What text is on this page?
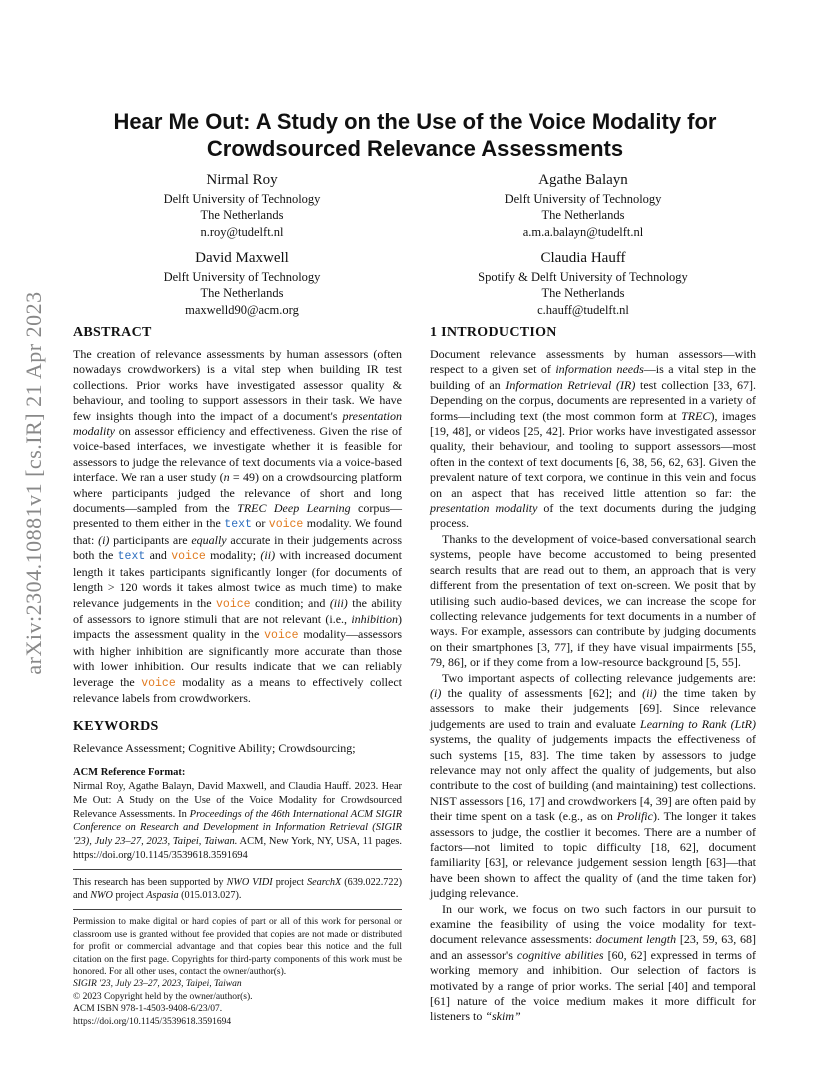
arXiv:2304.10881v1 [cs.IR] 21 Apr 2023
Hear Me Out: A Study on the Use of the Voice Modality for Crowdsourced Relevance Assessments
Nirmal Roy
Delft University of Technology
The Netherlands
n.roy@tudelft.nl
Agathe Balayn
Delft University of Technology
The Netherlands
a.m.a.balayn@tudelft.nl
David Maxwell
Delft University of Technology
The Netherlands
maxwelld90@acm.org
Claudia Hauff
Spotify & Delft University of Technology
The Netherlands
c.hauff@tudelft.nl
ABSTRACT

The creation of relevance assessments by human assessors (often nowadays crowdworkers) is a vital step when building IR test collections. Prior works have investigated assessor quality & behaviour, and tooling to support assessors in their task. We have few insights though into the impact of a document's presentation modality on assessor efficiency and effectiveness. Given the rise of voice-based interfaces, we investigate whether it is feasible for assessors to judge the relevance of text documents via a voice-based interface. We ran a user study (n = 49) on a crowdsourcing platform where participants judged the relevance of short and long documents—sampled from the TREC Deep Learning corpus—presented to them either in the text or voice modality. We found that: (i) participants are equally accurate in their judgements across both the text and voice modality; (ii) with increased document length it takes participants significantly longer (for documents of length > 120 words it takes almost twice as much time) to make relevance judgements in the voice condition; and (iii) the ability of assessors to ignore stimuli that are not relevant (i.e., inhibition) impacts the assessment quality in the voice modality—assessors with higher inhibition are significantly more accurate than those with lower inhibition. Our results indicate that we can reliably leverage the voice modality as a means to effectively collect relevance labels from crowdworkers.

KEYWORDS

Relevance Assessment; Cognitive Ability; Crowdsourcing;

ACM Reference Format:

Nirmal Roy, Agathe Balayn, David Maxwell, and Claudia Hauff. 2023. Hear Me Out: A Study on the Use of the Voice Modality for Crowdsourced Relevance Assessments. In Proceedings of the 46th International ACM SIGIR Conference on Research and Development in Information Retrieval (SIGIR '23), July 23–27, 2023, Taipei, Taiwan. ACM, New York, NY, USA, 11 pages. https://doi.org/10.1145/3539618.3591694

This research has been supported by NWO VIDI project SearchX (639.022.722) and NWO project Aspasia (015.013.027).

Permission to make digital or hard copies of part or all of this work for personal or classroom use is granted without fee provided that copies are not made or distributed for profit or commercial advantage and that copies bear this notice and the full citation on the first page. Copyrights for third-party components of this work must be honored. For all other uses, contact the owner/author(s).

SIGIR '23, July 23–27, 2023, Taipei, Taiwan
© 2023 Copyright held by the owner/author(s).
ACM ISBN 978-1-4503-9408-6/23/07.
https://doi.org/10.1145/3539618.3591694
1 INTRODUCTION

Document relevance assessments by human assessors—with respect to a given set of information needs—is a vital step in the building of an Information Retrieval (IR) test collection [33, 67]. Depending on the corpus, documents are represented in a variety of forms—including text (the most common form at TREC), images [19, 48], or videos [25, 42]. Prior works have investigated assessor quality, their behaviour, and tooling to support assessors—most often in the context of text documents [6, 38, 56, 62, 63]. Given the prevalent nature of text corpora, we continue in this vein and focus on an aspect that has received little attention so far: the presentation modality of the text documents during the judging process.

Thanks to the development of voice-based conversational search systems, people have become accustomed to being presented search results that are read out to them, an approach that is very different from the presentation of text on-screen. We posit that by utilising such audio-based devices, we can increase the scope for collecting relevance judgements for text documents in a number of ways. For example, assessors can contribute by judging documents on their smartphones [3, 77], if they have visual impairments [55, 79, 86], or if they come from a low-resource background [5, 55].

Two important aspects of collecting relevance judgements are: (i) the quality of assessments [62]; and (ii) the time taken by assessors to make their judgements [69]. Since relevance judgements are used to train and evaluate Learning to Rank (LtR) systems, the quality of judgements impacts the effectiveness of such systems [15, 83]. The time taken by assessors to judge relevance may not only affect the quality of judgements, but also contribute to the cost of building (and maintaining) test collections. NIST assessors [16, 17] and crowdworkers [4, 39] are often paid by their time spent on a task (e.g., as on Prolific). The longer it takes assessors to judge, the costlier it becomes. There are a number of factors—not limited to topic difficulty [18, 62], document familiarity [63], or relevance judgement session length [63]—that have been shown to affect the quality of (and the time taken for) judging relevance.

In our work, we focus on two such factors in our pursuit to examine the feasibility of using the voice modality for text-document relevance assessments: document length [23, 59, 63, 68] and an assessor's cognitive abilities [60, 62] expressed in terms of working memory and inhibition. Our selection of factors is motivated by a range of prior works. The serial [40] and temporal [61] nature of the voice medium makes it more difficult for listeners to “skim”
